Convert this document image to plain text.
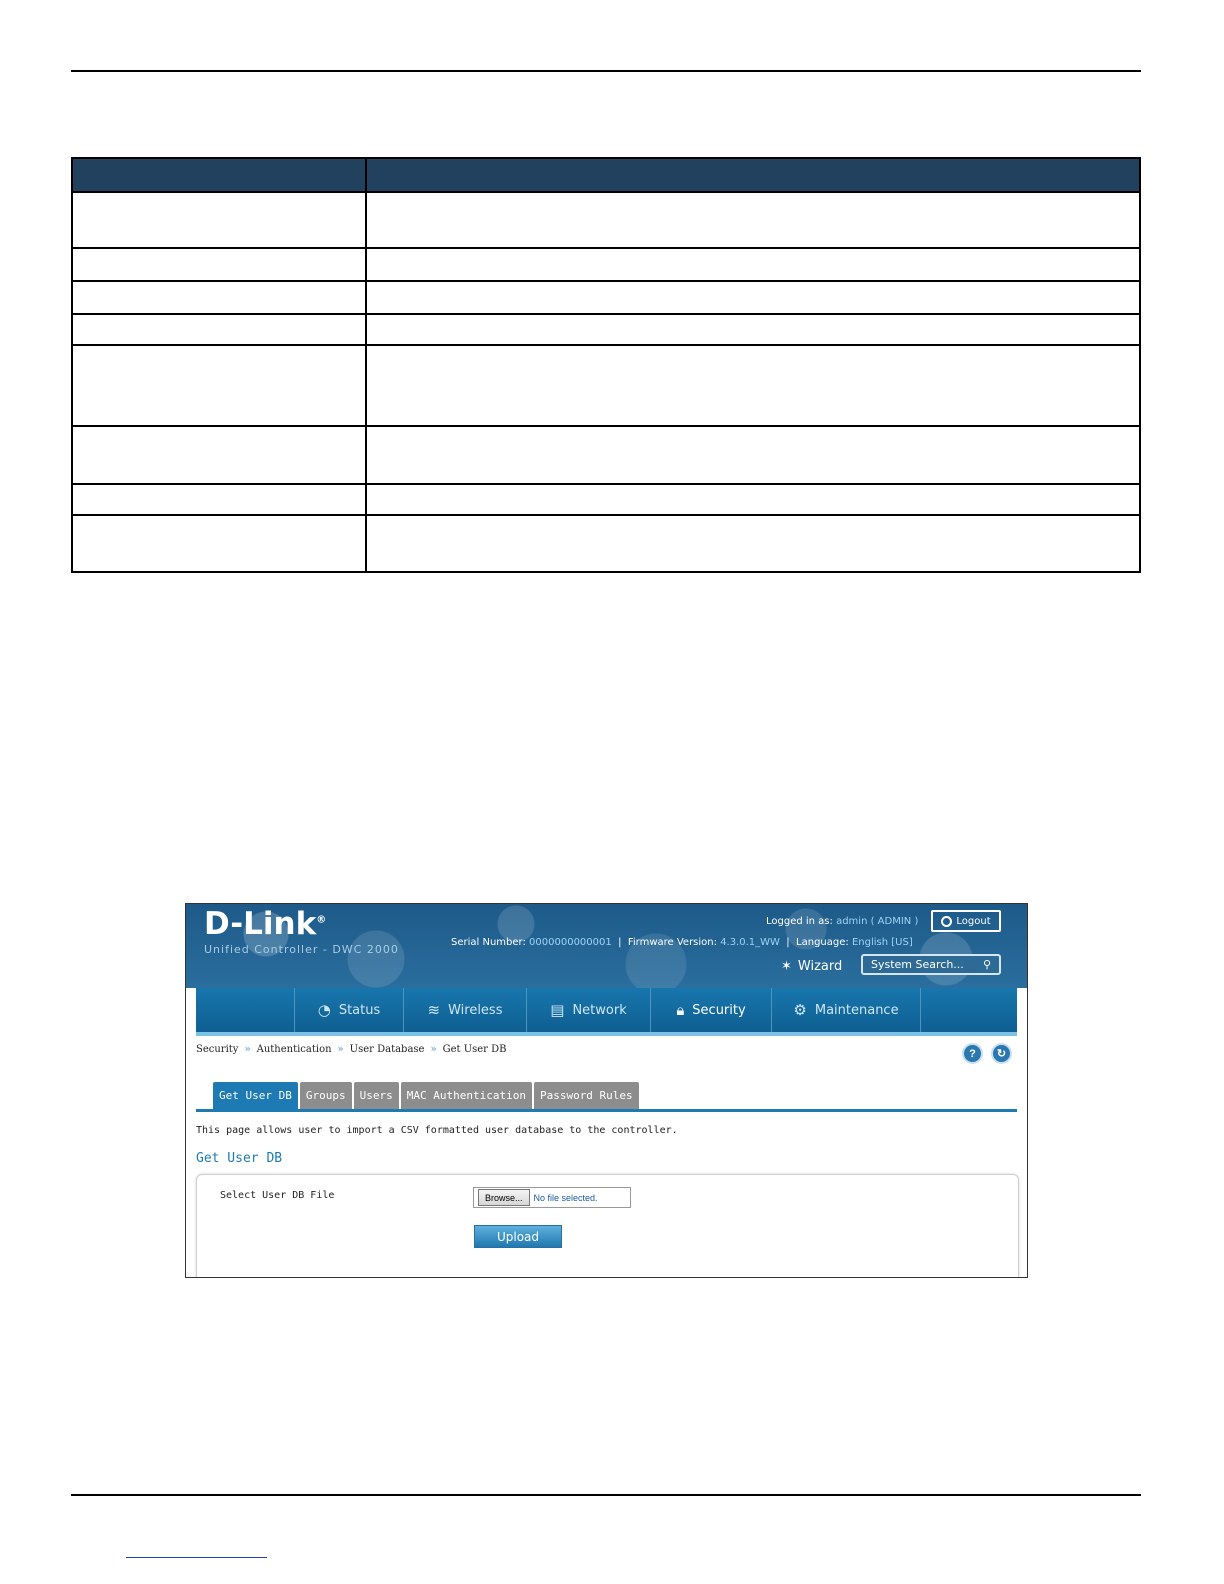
D-Link®
Unified Controller - DWC 2000
Logged in as: admin ( ADMIN )	Logout
Serial Number: 0000000000001  |  Firmware Version: 4.3.0.1_WW  |  Language: English [US]
✶ Wizard	System Search... ⚲
◔ Status	≋ Wireless	▤ Network	🔒︎ Security	⚙ Maintenance
Security » Authentication » User Database » Get User DB	? ↻
Get User DB	Groups	Users	MAC Authentication	Password Rules
This page allows user to import a CSV formatted user database to the controller.
Get User DB
Select User DB File	Browse...	No file selected.
Upload
